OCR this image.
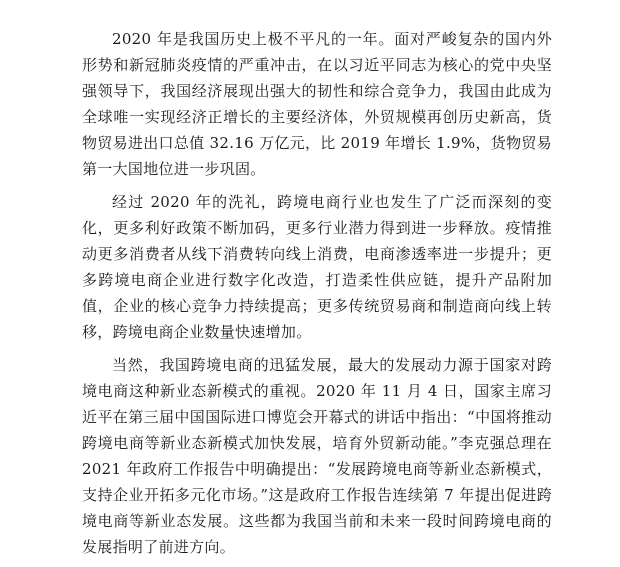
2020 年是我国历史上极不平凡的一年。面对严峻复杂的国内外形势和新冠肺炎疫情的严重冲击，在以习近平同志为核心的党中央坚强领导下，我国经济展现出强大的韧性和综合竞争力，我国由此成为全球唯一实现经济正增长的主要经济体，外贸规模再创历史新高，货物贸易进出口总值 32.16 万亿元，比 2019 年增长 1.9%，货物贸易第一大国地位进一步巩固。

经过 2020 年的洗礼，跨境电商行业也发生了广泛而深刻的变化，更多利好政策不断加码，更多行业潜力得到进一步释放。疫情推动更多消费者从线下消费转向线上消费，电商渗透率进一步提升；更多跨境电商企业进行数字化改造，打造柔性供应链，提升产品附加值，企业的核心竞争力持续提高；更多传统贸易商和制造商向线上转移，跨境电商企业数量快速增加。

当然，我国跨境电商的迅猛发展，最大的发展动力源于国家对跨境电商这种新业态新模式的重视。2020 年 11 月 4 日，国家主席习近平在第三届中国国际进口博览会开幕式的讲话中指出：“中国将推动跨境电商等新业态新模式加快发展，培育外贸新动能。”李克强总理在 2021 年政府工作报告中明确提出：“发展跨境电商等新业态新模式，支持企业开拓多元化市场。”这是政府工作报告连续第 7 年提出促进跨境电商等新业态发展。这些都为我国当前和未来一段时间跨境电商的发展指明了前进方向。
